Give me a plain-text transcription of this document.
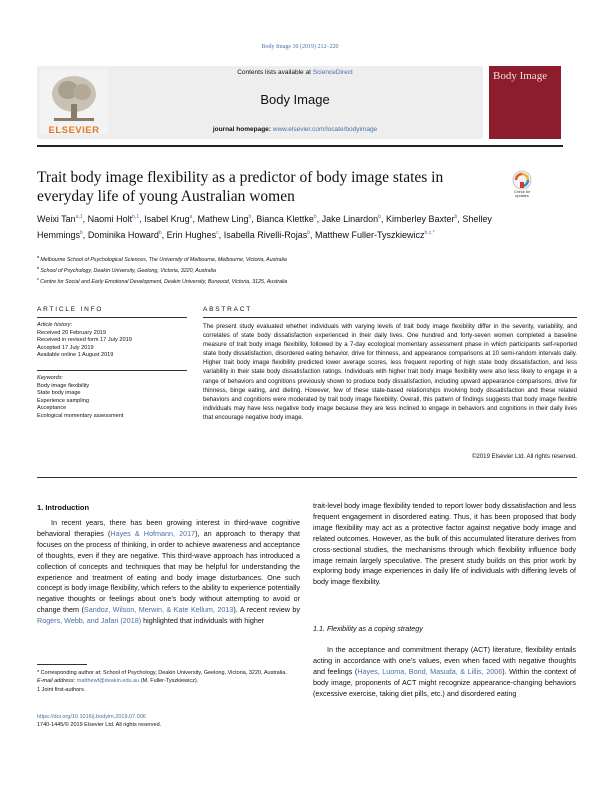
Body Image 30 (2019) 212–220
ELSEVIER
Contents lists available at ScienceDirect
Body Image
journal homepage: www.elsevier.com/locate/bodyimage
Body Image
Trait body image flexibility as a predictor of body image states in everyday life of young Australian women	Check for
updates
Weixi Tan$^{a,1}$, Naomi Holt$^{b,1}$, Isabel Krug$^a$, Mathew Ling$^b$, Bianca Klettke$^b$, Jake Linardon$^b$, Kimberley Baxter$^b$, Shelley Hemmings$^b$, Dominika Howard$^b$, Erin Hughes$^c$, Isabella Rivelli-Rojas$^b$, Matthew Fuller-Tyszkiewicz$^{b,c,*}$
$^a$ Melbourne School of Psychological Sciences, The University of Melbourne, Melbourne, Victoria, Australia
$^b$ School of Psychology, Deakin University, Geelong, Victoria, 3220, Australia
$^c$ Centre for Social and Early Emotional Development, Deakin University, Burwood, Victoria, 3125, Australia
ARTICLE INFO
Article history:
Received 20 February 2019
Received in revised form 17 July 2019
Accepted 17 July 2019
Available online 1 August 2019
Keywords:
Body image flexibility
State body image
Experience sampling
Acceptance
Ecological momentary assessment
ABSTRACT
The present study evaluated whether individuals with varying levels of trait body image flexibility differ in the severity, variability, and correlates of state body dissatisfaction experienced in their daily lives. One hundred and forty-seven women completed a baseline measure of trait body image flexibility, followed by a 7-day ecological momentary assessment phase in which participants self-reported state body dissatisfaction, disordered eating behavior, drive for thinness, and appearance comparisons at 10 semi-random intervals daily. Higher trait body image flexibility predicted lower average scores, less frequent reporting of high state body dissatisfaction, and less variability in their state body dissatisfaction ratings. Individuals with higher trait body image flexibility were also less likely to engage in a range of behaviors and cognitions previously shown to produce body dissatisfaction, including upward appearance comparisons, drive for thinness, binge eating, and dieting. However, few of these state-based relationships involving body dissatisfaction and these related behaviors and cognitions were moderated by trait body image flexibility. Overall, this pattern of findings suggests that body image flexible individuals may have less negative body image because they are less inclined to engage in behaviors and cognitions in their daily lives that encourage negative body image.
©2019 Elsevier Ltd. All rights reserved.
1. Introduction
In recent years, there has been growing interest in third-wave cognitive behavioral therapies (Hayes & Hofmann, 2017), an approach to therapy that focuses on the process of thinking, in order to achieve awareness and acceptance of thoughts, even if they are negative. This third-wave approach has introduced a collection of concepts and techniques that may be helpful for understanding the experience and treatment of eating and body image disturbances. One such concept is body image flexibility, which refers to the ability to experience potentially negative thoughts or feelings about one’s body without attempting to avoid or change them (Sandoz, Wilson, Merwin, & Kate Kellum, 2013). A recent review by Rogers, Webb, and Jafari (2018) highlighted that individuals with higher
* Corresponding author at: School of Psychology, Deakin University, Geelong, Victoria, 3220, Australia.
E-mail address: matthewf@deakin.edu.au (M. Fuller-Tyszkiewicz).
1 Joint first-authors.
https://doi.org/10.1016/j.bodyim.2019.07.006
1740-1445/© 2019 Elsevier Ltd. All rights reserved.
trait-level body image flexibility tended to report lower body dissatisfaction and less frequent engagement in disordered eating. Thus, it has been proposed that body image flexibility may act as a protective factor against negative body image and related outcomes. However, as the bulk of this accumulated literature derives from cross-sectional studies, the mechanisms through which flexibility influence body image remain largely speculative. The present study builds on this prior work by exploring body image experiences in daily life of individuals with differing levels of body image flexibility.
1.1. Flexibility as a coping strategy
In the acceptance and commitment therapy (ACT) literature, flexibility entails acting in accordance with one’s values, even when faced with negative thoughts and feelings (Hayes, Luoma, Bond, Masuda, & Lillis, 2006). Within the context of body image, proponents of ACT might recognize appearance-changing behaviors (excessive exercise, taking diet pills, etc.) and disordered eating
